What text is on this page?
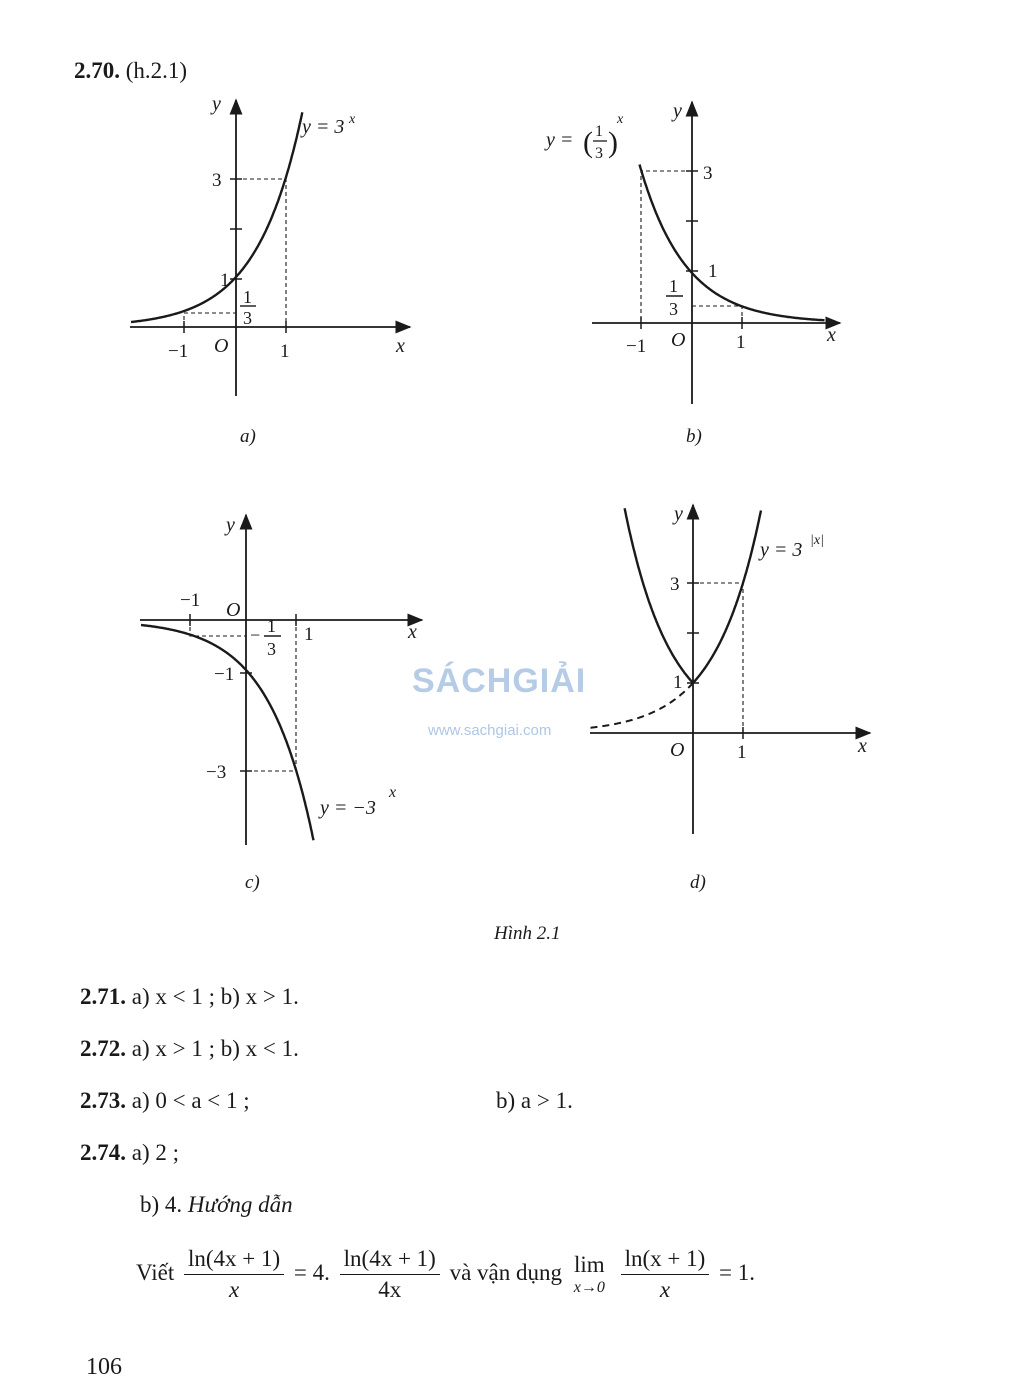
2.70. (h.2.1)
y
x
O
−1	1
3
1
1
3
y = 3 x
a)
y
x
O
−1	1
3
1
1
3
y = ( 1
3 )
x
b)
y
x
O
−1
1
−1
−3
− 1
3
y = −3
x
c)
y
x
O	1
3
1
y = 3 |x|
d)
SÁCHGIẢI
www.sachgiai.com
Hình 2.1
2.71. a) x < 1 ; b) x > 1.
2.72. a) x > 1 ; b) x < 1.
2.73. a) 0 < a < 1 ;	b) a > 1.
2.74. a) 2 ;
b) 4. Hướng dẫn
Viết $\frac{\ln(4x + 1)}{x} = 4$. $\frac{\ln(4x + 1)}{4x}$ và vận dụng lim
x→0
$\frac{\ln(x + 1)}{x} = 1$.
106
